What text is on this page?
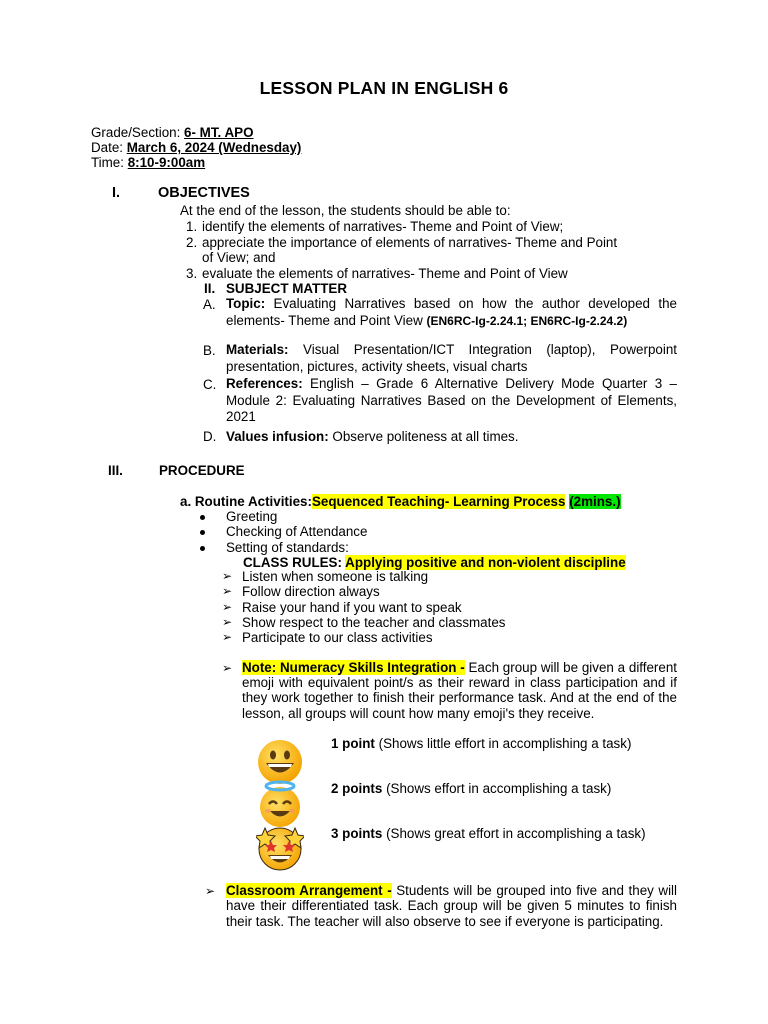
LESSON PLAN IN ENGLISH 6
Grade/Section: 6- MT. APO
Date: March 6, 2024 (Wednesday)
Time: 8:10-9:00am
I.	OBJECTIVES
At the end of the lesson, the students should be able to:
1. identify the elements of narratives- Theme and Point of View;
2. appreciate the importance of elements of narratives- Theme and Point
of View; and
3. evaluate the elements of narratives- Theme and Point of View
II. SUBJECT MATTER
A. Topic: Evaluating Narratives based on how the author developed the elements- Theme and Point View (EN6RC-Ig-2.24.1; EN6RC-Ig-2.24.2)
B. Materials: Visual Presentation/ICT Integration (laptop), Powerpoint presentation, pictures, activity sheets, visual charts
C. References: English – Grade 6 Alternative Delivery Mode Quarter 3 – Module 2: Evaluating Narratives Based on the Development of Elements, 2021
D. Values infusion: Observe politeness at all times.
III.	PROCEDURE
a. Routine Activities:Sequenced Teaching- Learning Process (2mins.)
Greeting
Checking of Attendance
Setting of standards:
CLASS RULES: Applying positive and non-violent discipline
➢ Listen when someone is talking
➢ Follow direction always
➢ Raise your hand if you want to speak
➢ Show respect to the teacher and classmates
➢ Participate to our class activities
➢ Note: Numeracy Skills Integration - Each group will be given a different emoji with equivalent point/s as their reward in class participation and if they work together to finish their performance task. And at the end of the lesson, all groups will count how many emoji's they receive.
1 point (Shows little effort in accomplishing a task)
2 points (Shows effort in accomplishing a task)
3 points (Shows great effort in accomplishing a task)
➢ Classroom Arrangement - Students will be grouped into five and they will have their differentiated task. Each group will be given 5 minutes to finish their task. The teacher will also observe to see if everyone is participating.
